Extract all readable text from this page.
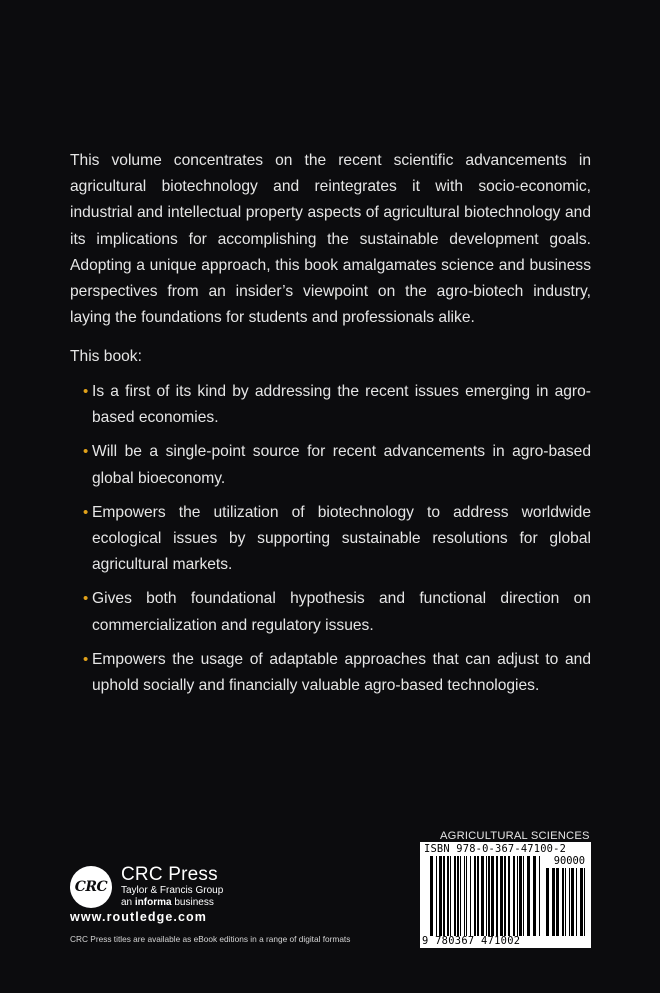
This volume concentrates on the recent scientific advancements in agricultural biotechnology and reintegrates it with socio-economic, industrial and intellectual property aspects of agricultural biotechnology and its implications for accomplishing the sustainable development goals. Adopting a unique approach, this book amalgamates science and business perspectives from an insider’s viewpoint on the agro-biotech industry, laying the foundations for students and professionals alike.

This book:

• Is a first of its kind by addressing the recent issues emerging in agro-based economies.
• Will be a single-point source for recent advancements in agro-based global bioeconomy.
• Empowers the utilization of biotechnology to address worldwide ecological issues by supporting sustainable resolutions for global agricultural markets.
• Gives both foundational hypothesis and functional direction on commercialization and regulatory issues.
• Empowers the usage of adaptable approaches that can adjust to and uphold socially and financially valuable agro-based technologies.
CRC
CRC Press
Taylor & Francis Group
an informa business
www.routledge.com
CRC Press titles are available as eBook editions in a range of digital formats
AGRICULTURAL SCIENCES
ISBN 978-0-367-47100-2
90000
9 780367 471002
